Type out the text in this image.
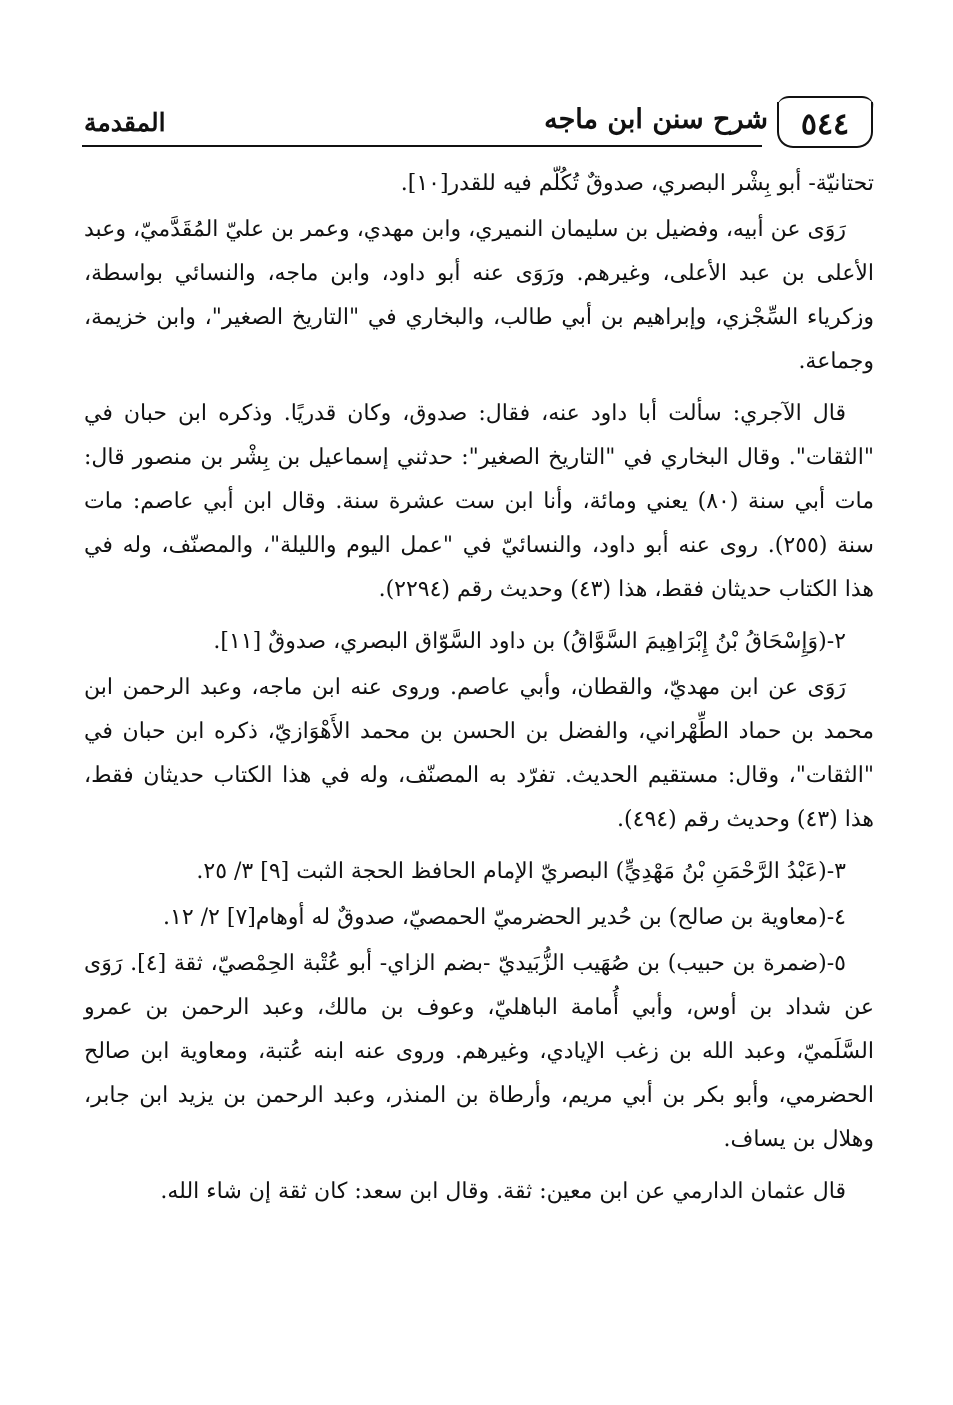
٥٤٤
شرح سنن ابن ماجه
المقدمة

تحتانيّة- أبو بِشْر البصري، صدوقٌ تُكُلّم فيه للقدر[١٠].

رَوَى عن أبيه، وفضيل بن سليمان النميري، وابن مهدي، وعمر بن عليّ المُقَدَّميّ، وعبد الأعلى بن عبد الأعلى، وغيرهم. ورَوَى عنه أبو داود، وابن ماجه، والنسائي بواسطة، وزكرياء السِّجْزي، وإبراهيم بن أبي طالب، والبخاري في "التاريخ الصغير"، وابن خزيمة، وجماعة.

قال الآجري: سألت أبا داود عنه، فقال: صدوق، وكان قدريًا. وذكره ابن حبان في "الثقات". وقال البخاري في "التاريخ الصغير": حدثني إسماعيل بن بِشْر بن منصور قال: مات أبي سنة (٨٠) يعني ومائة، وأنا ابن ست عشرة سنة. وقال ابن أبي عاصم: مات سنة (٢٥٥). روى عنه أبو داود، والنسائيّ في "عمل اليوم والليلة"، والمصنّف، وله في هذا الكتاب حديثان فقط، هذا (٤٣) وحديث رقم (٢٢٩٤).

٢-(وَإِسْحَاقُ بْنُ إِبْرَاهِيمَ السَّوَّاقُ) بن داود السَّوّاق البصري، صدوقٌ [١١].

رَوَى عن ابن مهديّ، والقطان، وأبي عاصم. وروى عنه ابن ماجه، وعبد الرحمن ابن محمد بن حماد الطِّهْراني، والفضل بن الحسن بن محمد الأَهْوَازيّ، ذكره ابن حبان في "الثقات"، وقال: مستقيم الحديث. تفرّد به المصنّف، وله في هذا الكتاب حديثان فقط، هذا (٤٣) وحديث رقم (٤٩٤).

٣-(عَبْدُ الرَّحْمَنِ بْنُ مَهْدِيٍّ) البصريّ الإمام الحافظ الحجة الثبت [٩] ٣/ ٢٥.

٤-(معاوية بن صالح) بن حُدير الحضرميّ الحمصيّ، صدوقٌ له أوهام[٧] ٢/ ١٢.

٥-(ضمرة بن حبيب) بن صُهَيب الزُّبَيديّ -بضم الزاي- أبو عُتْبة الحِمْصيّ، ثقة [٤]. رَوَى عن شداد بن أوس، وأبي أُمامة الباهليّ، وعوف بن مالك، وعبد الرحمن بن عمرو السَّلَميّ، وعبد الله بن زغب الإيادي، وغيرهم. وروى عنه ابنه عُتبة، ومعاوية ابن صالح الحضرمي، وأبو بكر بن أبي مريم، وأرطاة بن المنذر، وعبد الرحمن بن يزيد ابن جابر، وهلال بن يساف.

قال عثمان الدارمي عن ابن معين: ثقة. وقال ابن سعد: كان ثقة إن شاء الله.
